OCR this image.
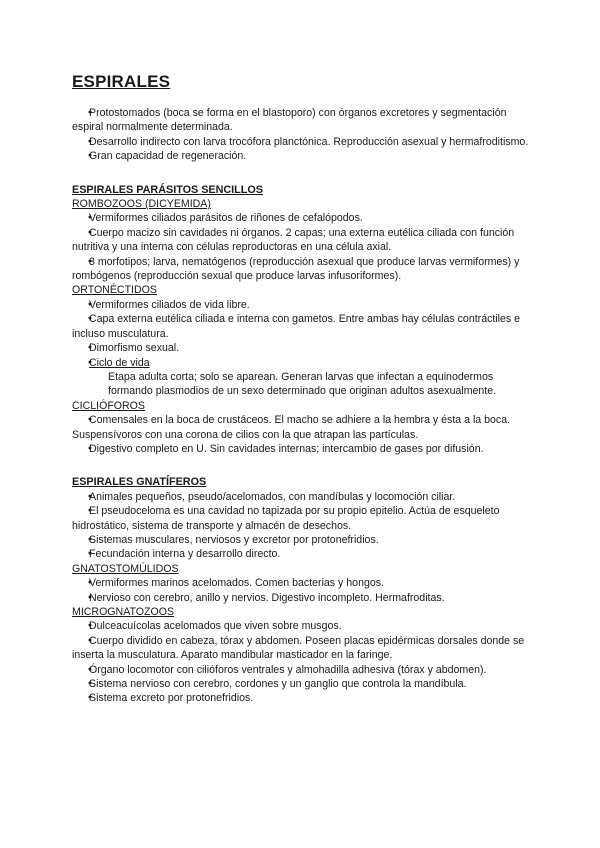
ESPIRALES
● Protostomados (boca se forma en el blastoporo) con órganos excretores y segmentación espiral normalmente determinada.
● Desarrollo indirecto con larva trocófora planctónica. Reproducción asexual y hermafroditismo.
● Gran capacidad de regeneración.
ESPIRALES PARÁSITOS SENCILLOS
ROMBOZOOS (DICYEMIDA)
● Vermiformes ciliados parásitos de riñones de cefalópodos.
● Cuerpo macizo sin cavidades ni órganos. 2 capas; una externa eutélica ciliada con función nutritiva y una interna con células reproductoras en una célula axial.
● 3 morfotipos; larva, nematógenos (reproducción asexual que produce larvas vermiformes) y rombógenos (reproducción sexual que produce larvas infusoriformes).
ORTONÉCTIDOS
● Vermiformes ciliados de vida libre.
● Capa externa eutélica ciliada e interna con gametos. Entre ambas hay células contráctiles e incluso musculatura.
● Dimorfismo sexual.
● Ciclo de vida
Etapa adulta corta; solo se aparean. Generan larvas que infectan a equinodermos formando plasmodios de un sexo determinado que originan adultos asexualmente.
CICLIÓFOROS
● Comensales en la boca de crustáceos. El macho se adhiere a la hembra y ésta a la boca. Suspensívoros con una corona de cilios con la que atrapan las partículas.
● Digestivo completo en U. Sin cavidades internas; intercambio de gases por difusión.
ESPIRALES GNATÍFEROS
● Animales pequeños, pseudo/acelomados, con mandíbulas y locomoción ciliar.
● El pseudoceloma es una cavidad no tapizada por su propio epitelio. Actúa de esqueleto hidrostático, sistema de transporte y almacén de desechos.
● Sistemas musculares, nerviosos y excretor por protonefridios.
● Fecundación interna y desarrollo directo.
GNATOSTOMÚLIDOS
● Vermiformes marinos acelomados. Comen bacterias y hongos.
● Nervioso con cerebro, anillo y nervios. Digestivo incompleto. Hermafroditas.
MICROGNATOZOOS
● Dulceacuícolas acelomados que viven sobre musgos.
● Cuerpo dividido en cabeza, tórax y abdomen. Poseen placas epidérmicas dorsales donde se inserta la musculatura. Aparato mandibular masticador en la faringe.
● Órgano locomotor con cilióforos ventrales y almohadilla adhesiva (tórax y abdomen).
● Sistema nervioso con cerebro, cordones y un ganglio que controla la mandíbula.
● Sistema excreto por protonefridios.
